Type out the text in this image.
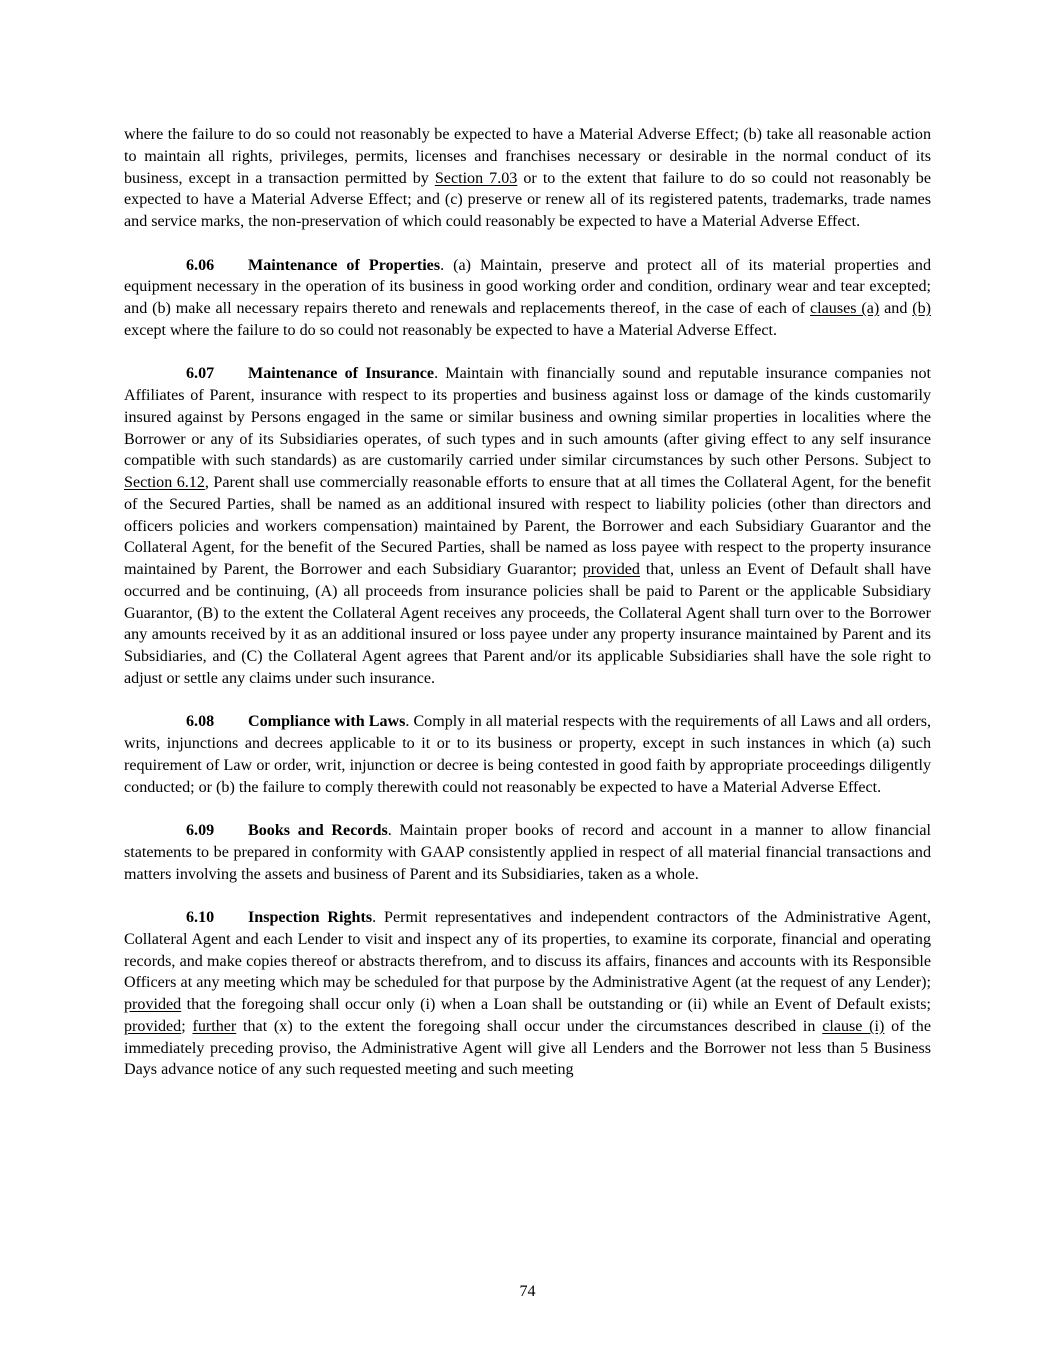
where the failure to do so could not reasonably be expected to have a Material Adverse Effect; (b) take all reasonable action to maintain all rights, privileges, permits, licenses and franchises necessary or desirable in the normal conduct of its business, except in a transaction permitted by Section 7.03 or to the extent that failure to do so could not reasonably be expected to have a Material Adverse Effect; and (c) preserve or renew all of its registered patents, trademarks, trade names and service marks, the non-preservation of which could reasonably be expected to have a Material Adverse Effect.

6.06 Maintenance of Properties. (a) Maintain, preserve and protect all of its material properties and equipment necessary in the operation of its business in good working order and condition, ordinary wear and tear excepted; and (b) make all necessary repairs thereto and renewals and replacements thereof, in the case of each of clauses (a) and (b) except where the failure to do so could not reasonably be expected to have a Material Adverse Effect.

6.07 Maintenance of Insurance. Maintain with financially sound and reputable insurance companies not Affiliates of Parent, insurance with respect to its properties and business against loss or damage of the kinds customarily insured against by Persons engaged in the same or similar business and owning similar properties in localities where the Borrower or any of its Subsidiaries operates, of such types and in such amounts (after giving effect to any self insurance compatible with such standards) as are customarily carried under similar circumstances by such other Persons. Subject to Section 6.12, Parent shall use commercially reasonable efforts to ensure that at all times the Collateral Agent, for the benefit of the Secured Parties, shall be named as an additional insured with respect to liability policies (other than directors and officers policies and workers compensation) maintained by Parent, the Borrower and each Subsidiary Guarantor and the Collateral Agent, for the benefit of the Secured Parties, shall be named as loss payee with respect to the property insurance maintained by Parent, the Borrower and each Subsidiary Guarantor; provided that, unless an Event of Default shall have occurred and be continuing, (A) all proceeds from insurance policies shall be paid to Parent or the applicable Subsidiary Guarantor, (B) to the extent the Collateral Agent receives any proceeds, the Collateral Agent shall turn over to the Borrower any amounts received by it as an additional insured or loss payee under any property insurance maintained by Parent and its Subsidiaries, and (C) the Collateral Agent agrees that Parent and/or its applicable Subsidiaries shall have the sole right to adjust or settle any claims under such insurance.

6.08 Compliance with Laws. Comply in all material respects with the requirements of all Laws and all orders, writs, injunctions and decrees applicable to it or to its business or property, except in such instances in which (a) such requirement of Law or order, writ, injunction or decree is being contested in good faith by appropriate proceedings diligently conducted; or (b) the failure to comply therewith could not reasonably be expected to have a Material Adverse Effect.

6.09 Books and Records. Maintain proper books of record and account in a manner to allow financial statements to be prepared in conformity with GAAP consistently applied in respect of all material financial transactions and matters involving the assets and business of Parent and its Subsidiaries, taken as a whole.

6.10 Inspection Rights. Permit representatives and independent contractors of the Administrative Agent, Collateral Agent and each Lender to visit and inspect any of its properties, to examine its corporate, financial and operating records, and make copies thereof or abstracts therefrom, and to discuss its affairs, finances and accounts with its Responsible Officers at any meeting which may be scheduled for that purpose by the Administrative Agent (at the request of any Lender); provided that the foregoing shall occur only (i) when a Loan shall be outstanding or (ii) while an Event of Default exists; provided; further that (x) to the extent the foregoing shall occur under the circumstances described in clause (i) of the immediately preceding proviso, the Administrative Agent will give all Lenders and the Borrower not less than 5 Business Days advance notice of any such requested meeting and such meeting

74
